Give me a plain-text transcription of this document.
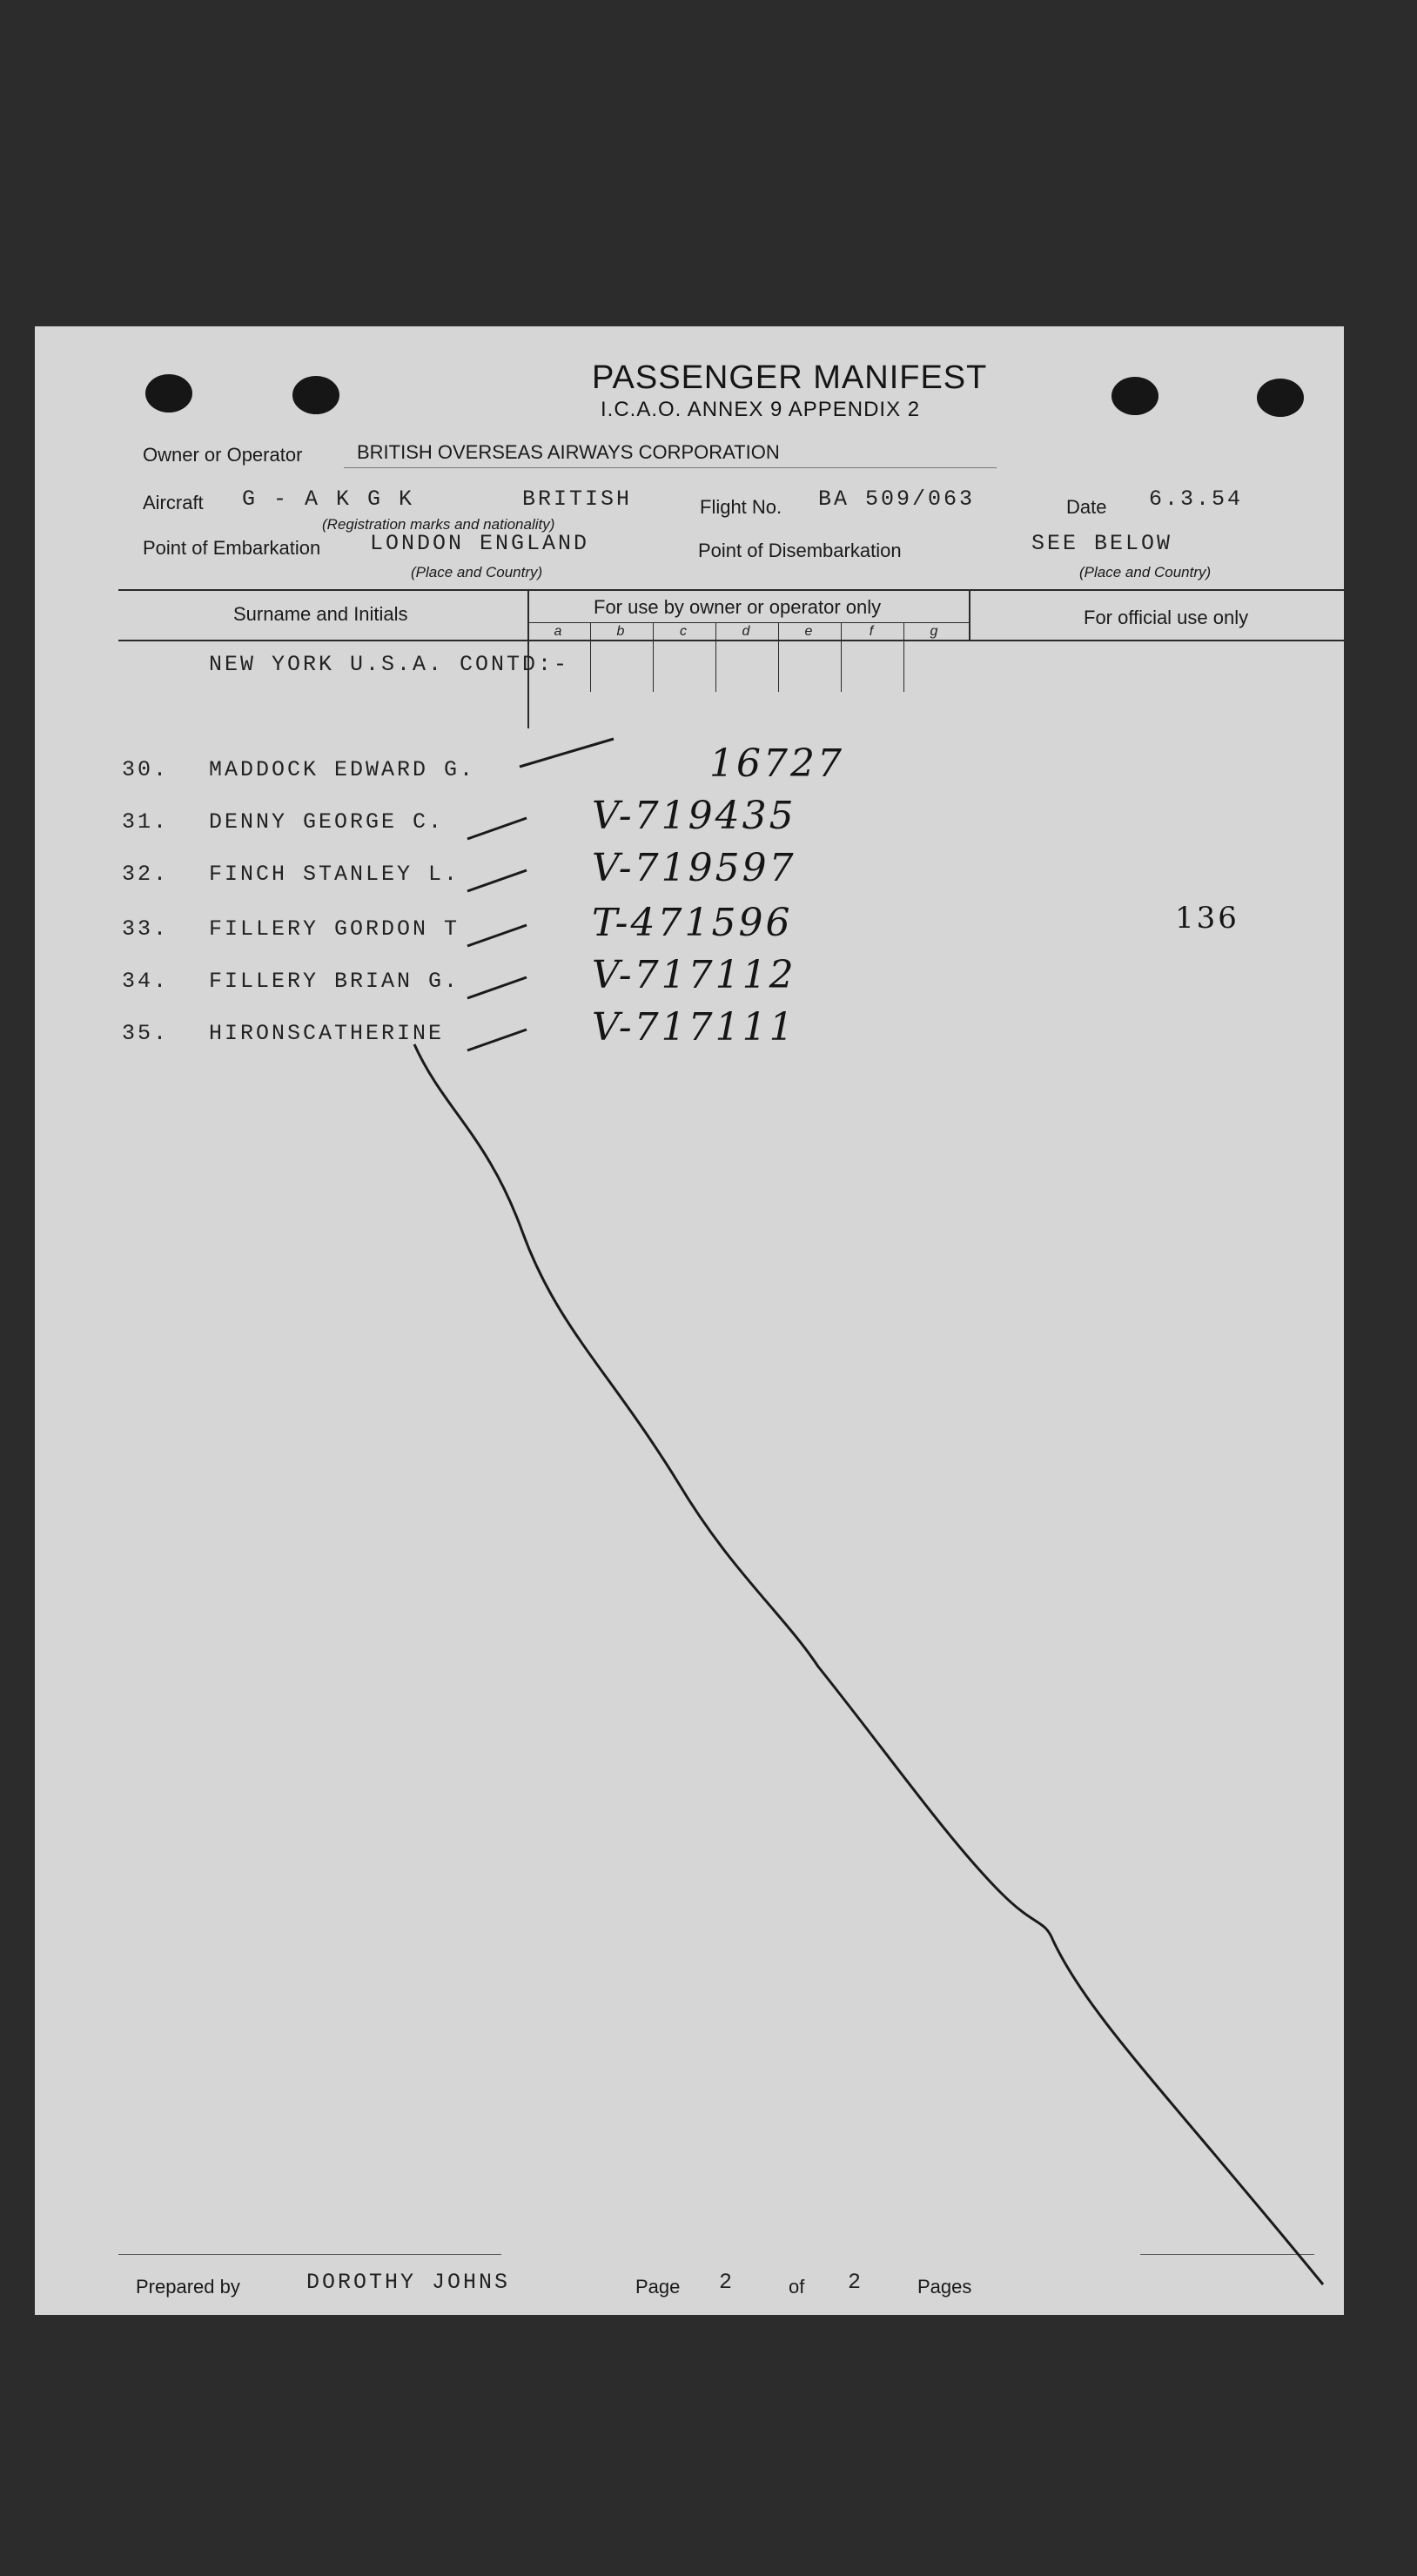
PASSENGER MANIFEST
I.C.A.O. ANNEX 9 APPENDIX 2
Owner or Operator	BRITISH OVERSEAS AIRWAYS CORPORATION
Aircraft G - A K G K	BRITISH
(Registration marks and nationality)
Flight No. BA 509/063	Date 6.3.54
Point of Embarkation LONDON ENGLAND
(Place and Country)
Point of Disembarkation	SEE BELOW
(Place and Country)
Surname and Initials	For use by owner or operator only	For official use only
a	b	c	d	e	f	g
NEW YORK U.S.A. CONTD:-
30. MADDOCK EDWARD G.	16727
31. DENNY GEORGE C.	V-719435
32. FINCH STANLEY L.	V-719597
33. FILLERY GORDON T	T-471596
34. FILLERY BRIAN G.	V-717112
35. HIRONSCATHERINE	V-717111
136
Prepared by	DOROTHY JOHNS	Page 2	of 2	Pages
